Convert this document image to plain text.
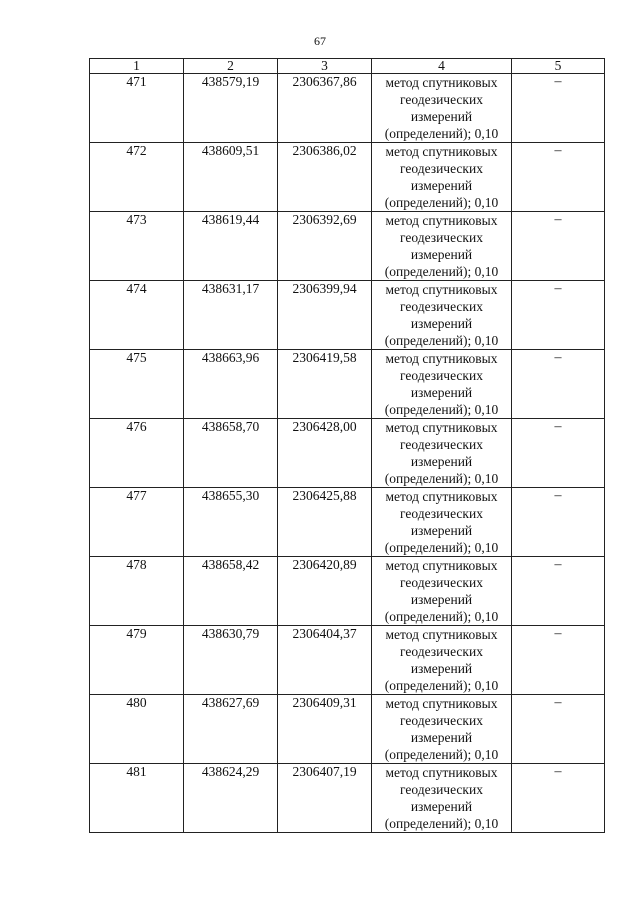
67
1	2	3	4	5
471	438579,19	2306367,86	метод спутниковых
геодезических
измерений
(определений); 0,10	–
472	438609,51	2306386,02	метод спутниковых
геодезических
измерений
(определений); 0,10	–
473	438619,44	2306392,69	метод спутниковых
геодезических
измерений
(определений); 0,10	–
474	438631,17	2306399,94	метод спутниковых
геодезических
измерений
(определений); 0,10	–
475	438663,96	2306419,58	метод спутниковых
геодезических
измерений
(определений); 0,10	–
476	438658,70	2306428,00	метод спутниковых
геодезических
измерений
(определений); 0,10	–
477	438655,30	2306425,88	метод спутниковых
геодезических
измерений
(определений); 0,10	–
478	438658,42	2306420,89	метод спутниковых
геодезических
измерений
(определений); 0,10	–
479	438630,79	2306404,37	метод спутниковых
геодезических
измерений
(определений); 0,10	–
480	438627,69	2306409,31	метод спутниковых
геодезических
измерений
(определений); 0,10	–
481	438624,29	2306407,19	метод спутниковых
геодезических
измерений
(определений); 0,10	–
